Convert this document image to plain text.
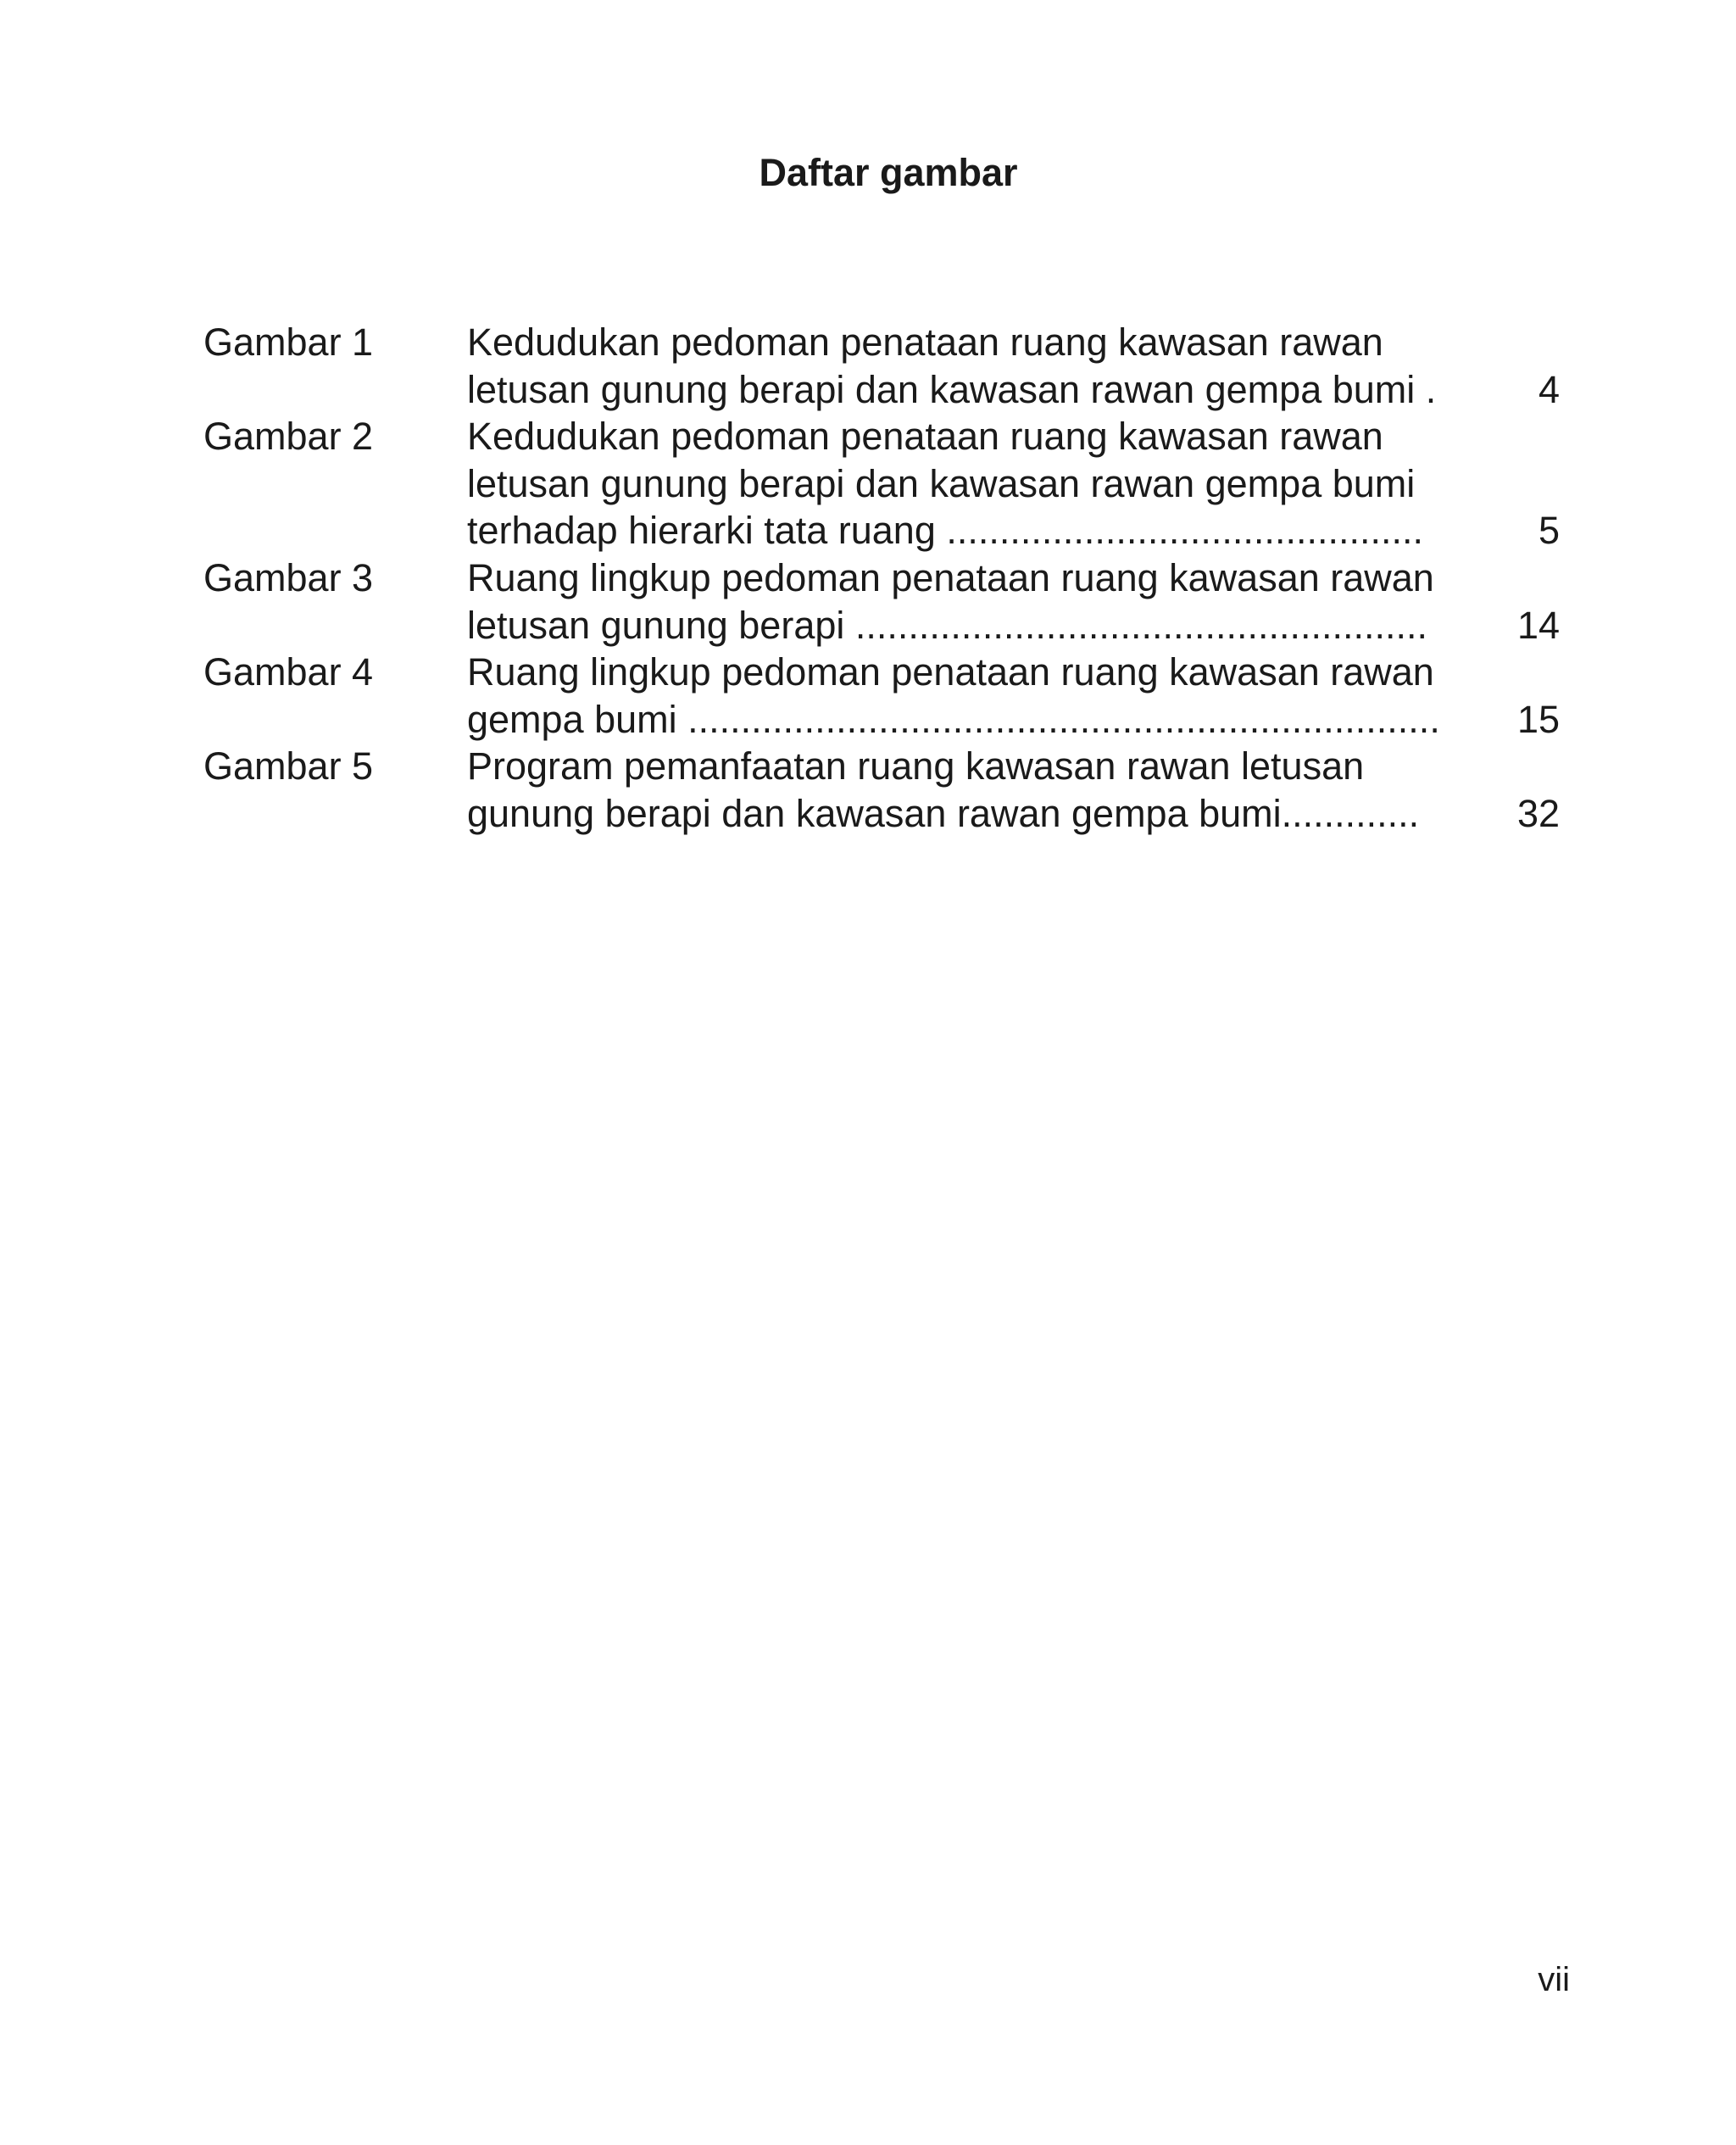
Daftar gambar
Gambar 1	Kedudukan pedoman penataan ruang kawasan rawan
letusan gunung berapi dan kawasan rawan gempa bumi .	4
Gambar 2	Kedudukan pedoman penataan ruang kawasan rawan
letusan gunung berapi dan kawasan rawan gempa bumi
terhadap hierarki tata ruang .............................................	5
Gambar 3	Ruang lingkup pedoman penataan ruang kawasan rawan
letusan gunung berapi ......................................................	14
Gambar 4	Ruang lingkup pedoman penataan ruang kawasan rawan
gempa bumi .......................................................................	15
Gambar 5	Program pemanfaatan ruang kawasan rawan letusan
gunung berapi dan kawasan rawan gempa bumi .............	32
vii
